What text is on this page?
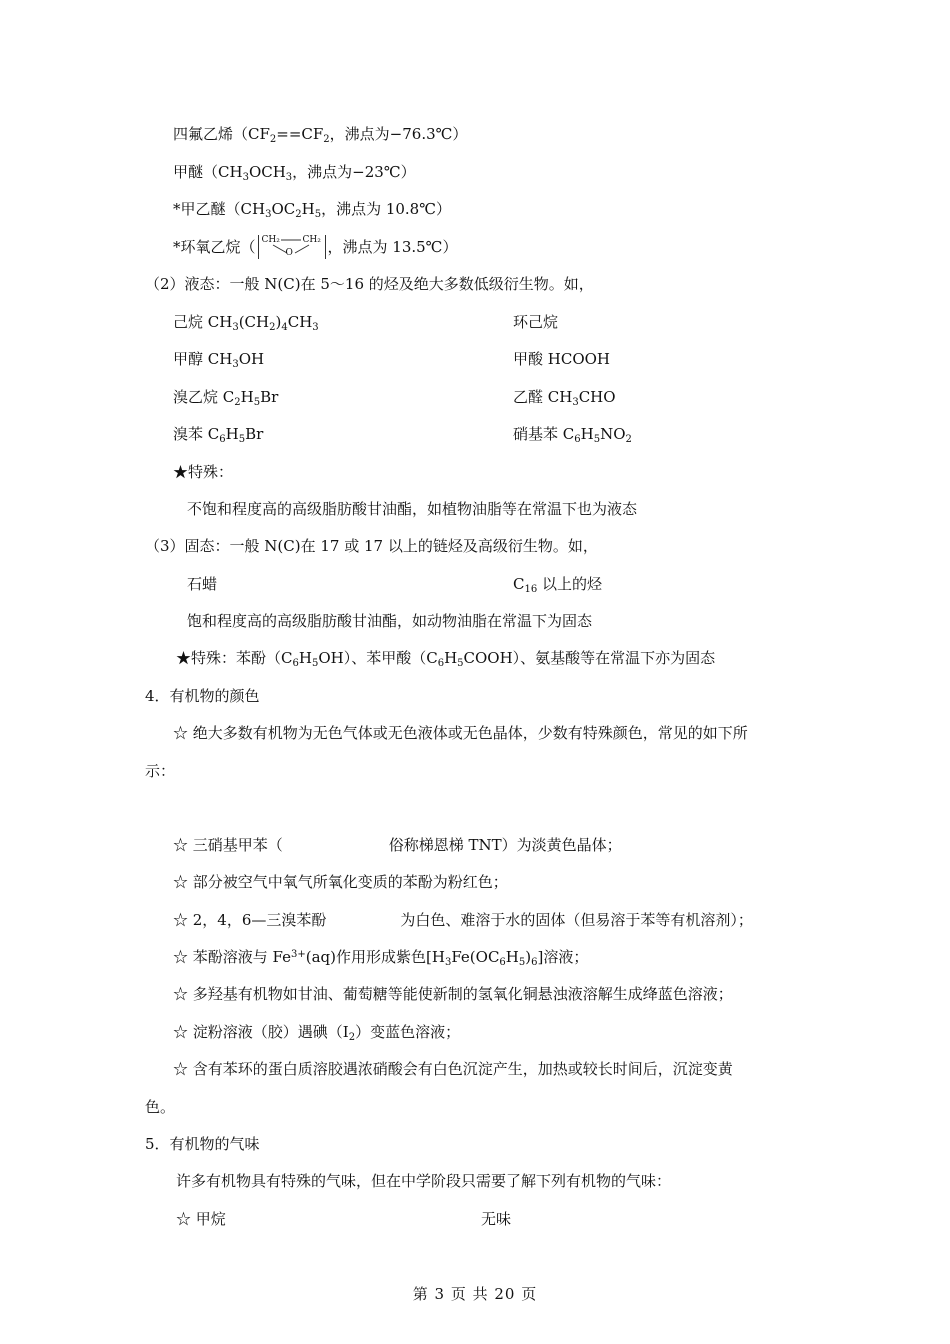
四氟乙烯（$CF_2==CF_2$，沸点为−76.3℃）
甲醚（$CH_3OCH_3$，沸点为−23℃）
*甲乙醚（$CH_3OC_2H_5$，沸点为 10.8℃）
*环氧乙烷（ CH₂	CH₂
O ，沸点为 13.5℃）
（2）液态：一般 N(C)在 5～16 的烃及绝大多数低级衍生物。如，
己烷 $CH_3(CH_2)_4CH_3$	环己烷
甲醇 $CH_3OH$	甲酸 HCOOH
溴乙烷 $C_2H_5Br$	乙醛 $CH_3CHO$
溴苯 $C_6H_5Br$	硝基苯 $C_6H_5NO_2$
★特殊：
不饱和程度高的高级脂肪酸甘油酯，如植物油脂等在常温下也为液态
（3）固态：一般 N(C)在 17 或 17 以上的链烃及高级衍生物。如，
石蜡	$C_{16}$ 以上的烃
饱和程度高的高级脂肪酸甘油酯，如动物油脂在常温下为固态
★特殊：苯酚$(C_6H_5OH)$、苯甲酸$(C_6H_5COOH)$、氨基酸等在常温下亦为固态
4．有机物的颜色
☆ 绝大多数有机物为无色气体或无色液体或无色晶体，少数有特殊颜色，常见的如下所
示：
☆ 三硝基甲苯（	俗称梯恩梯 TNT）为淡黄色晶体；
☆ 部分被空气中氧气所氧化变质的苯酚为粉红色；
☆ 2，4，6—三溴苯酚	为白色、难溶于水的固体（但易溶于苯等有机溶剂）；
☆ 苯酚溶液与 $Fe^{3+}(aq)$作用形成紫色$[H_3Fe(OC_6H_5)_6]$溶液；
☆ 多羟基有机物如甘油、葡萄糖等能使新制的氢氧化铜悬浊液溶解生成绛蓝色溶液；
☆ 淀粉溶液（胶）遇碘$(I_2)$变蓝色溶液；
☆ 含有苯环的蛋白质溶胶遇浓硝酸会有白色沉淀产生，加热或较长时间后，沉淀变黄
色。
5．有机物的气味
许多有机物具有特殊的气味，但在中学阶段只需要了解下列有机物的气味：
☆ 甲烷	无味
第 3 页 共 20 页
